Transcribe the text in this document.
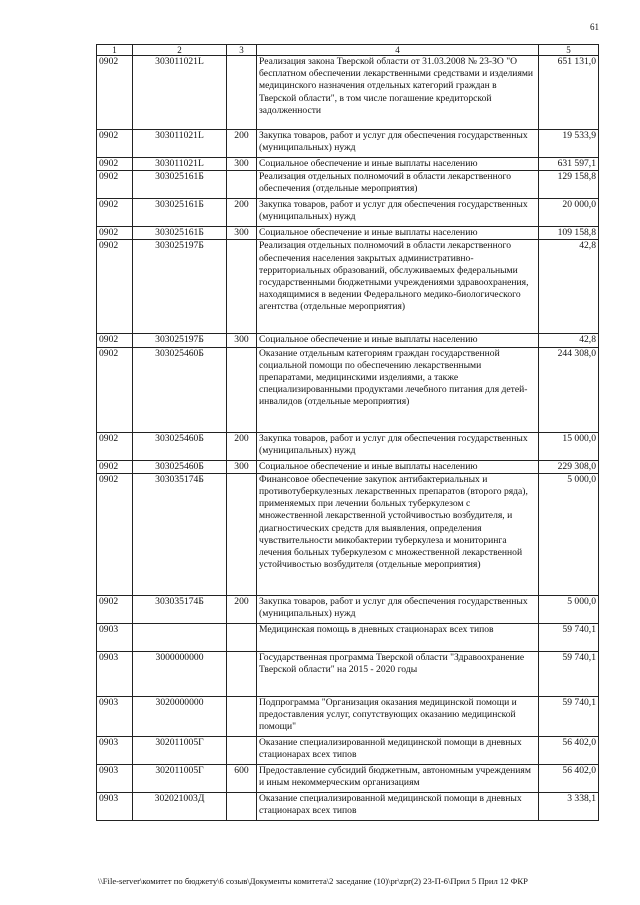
61
1	2	3	4	5
0902	303011021L		Реализация закона Тверской области от 31.03.2008 № 23-ЗО "О бесплатном обеспечении лекарственными средствами и изделиями медицинского назначения отдельных категорий граждан в Тверской области", в том числе погашение кредиторской задолженности	651 131,0
0902	303011021L	200	Закупка товаров, работ и услуг для обеспечения государственных (муниципальных) нужд	19 533,9
0902	303011021L	300	Социальное обеспечение и иные выплаты населению	631 597,1
0902	303025161Б		Реализация отдельных полномочий в области лекарственного обеспечения (отдельные мероприятия)	129 158,8
0902	303025161Б	200	Закупка товаров, работ и услуг для обеспечения государственных (муниципальных) нужд	20 000,0
0902	303025161Б	300	Социальное обеспечение и иные выплаты населению	109 158,8
0902	303025197Б		Реализация отдельных полномочий в области лекарственного обеспечения населения закрытых административно-территориальных образований, обслуживаемых федеральными государственными бюджетными учреждениями здравоохранения, находящимися в ведении Федерального медико-биологического агентства (отдельные мероприятия)	42,8
0902	303025197Б	300	Социальное обеспечение и иные выплаты населению	42,8
0902	303025460Б		Оказание отдельным категориям граждан государственной социальной помощи по обеспечению лекарственными препаратами, медицинскими изделиями, а также специализированными продуктами лечебного питания для детей-инвалидов (отдельные мероприятия)	244 308,0
0902	303025460Б	200	Закупка товаров, работ и услуг для обеспечения государственных (муниципальных) нужд	15 000,0
0902	303025460Б	300	Социальное обеспечение и иные выплаты населению	229 308,0
0902	303035174Б		Финансовое обеспечение закупок антибактериальных и противотуберкулезных лекарственных препаратов (второго ряда), применяемых при лечении больных туберкулезом с множественной лекарственной устойчивостью возбудителя, и диагностических средств для выявления, определения чувствительности микобактерии туберкулеза и мониторинга лечения больных туберкулезом с множественной лекарственной устойчивостью возбудителя (отдельные мероприятия)	5 000,0
0902	303035174Б	200	Закупка товаров, работ и услуг для обеспечения государственных (муниципальных) нужд	5 000,0
0903			Медицинская помощь в дневных стационарах всех типов	59 740,1
0903	3000000000		Государственная программа Тверской области "Здравоохранение Тверской области" на 2015 - 2020 годы	59 740,1
0903	3020000000		Подпрограмма "Организация оказания медицинской помощи и предоставления услуг, сопутствующих оказанию медицинской помощи"	59 740,1
0903	302011005Г		Оказание специализированной медицинской помощи в дневных стационарах всех типов	56 402,0
0903	302011005Г	600	Предоставление субсидий бюджетным, автономным учреждениям и иным некоммерческим организациям	56 402,0
0903	302021003Д		Оказание специализированной медицинской помощи в дневных стационарах всех типов	3 338,1
\\File-server\комитет по бюджету\6 созыв\Документы комитета\2 заседание (10)\pr\zpr(2) 23-П-6\Прил 5 Прил 12 ФКР
